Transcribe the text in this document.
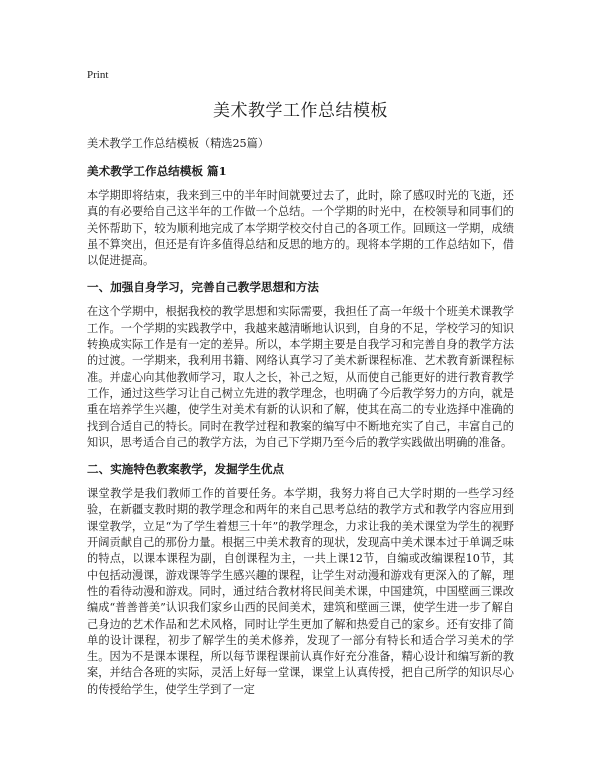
Print
美术教学工作总结模板
美术教学工作总结模板（精选25篇）
美术教学工作总结模板 篇1

本学期即将结束，我来到三中的半年时间就要过去了，此时，除了感叹时光的飞逝，还真的有必要给自己这半年的工作做一个总结。一个学期的时光中，在校领导和同事们的关怀帮助下，较为顺利地完成了本学期学校交付自己的各项工作。回顾这一学期，成绩虽不算突出，但还是有许多值得总结和反思的地方的。现将本学期的工作总结如下，借以促进提高。

一、加强自身学习，完善自己教学思想和方法

在这个学期中，根据我校的教学思想和实际需要，我担任了高一年级十个班美术课教学工作。一个学期的实践教学中，我越来越清晰地认识到，自身的不足，学校学习的知识转换成实际工作是有一定的差异。所以，本学期主要是自我学习和完善自身的教学方法的过渡。一学期来，我利用书籍、网络认真学习了美术新课程标准、艺术教育新课程标准。并虚心向其他教师学习，取人之长，补己之短，从而使自己能更好的进行教育教学工作，通过这些学习让自己树立先进的教学理念，也明确了今后教学努力的方向，就是重在培养学生兴趣，使学生对美术有新的认识和了解，使其在高二的专业选择中准确的找到合适自己的特长。同时在教学过程和教案的编写中不断地充实了自己，丰富自己的知识，思考适合自己的教学方法，为自己下学期乃至今后的教学实践做出明确的准备。

二、实施特色教案教学，发掘学生优点

课堂教学是我们教师工作的首要任务。本学期，我努力将自己大学时期的一些学习经验，在新疆支教时期的教学理念和两年的来自己思考总结的教学方式和教学内容应用到课堂教学，立足“为了学生着想三十年”的教学理念，力求让我的美术课堂为学生的视野开阔贡献自己的那份力量。根据三中美术教育的现状，发现高中美术课本过于单调乏味的特点，以课本课程为副，自创课程为主，一共上课12节，自编或改编课程10节，其中包括动漫课，游戏课等学生感兴趣的课程，让学生对动漫和游戏有更深入的了解，理性的看待动漫和游戏。同时，通过结合教材将民间美术课，中国建筑，中国壁画三课改编成“普善普美”认识我们家乡山西的民间美术，建筑和壁画三课，使学生进一步了解自己身边的艺术作品和艺术风格，同时让学生更加了解和热爱自己的家乡。还有安排了简单的设计课程，初步了解学生的美术修养，发现了一部分有特长和适合学习美术的学生。因为不是课本课程，所以每节课程课前认真作好充分准备，精心设计和编写新的教案，并结合各班的实际，灵活上好每一堂课，课堂上认真传授，把自己所学的知识尽心的传授给学生，使学生学到了一定
